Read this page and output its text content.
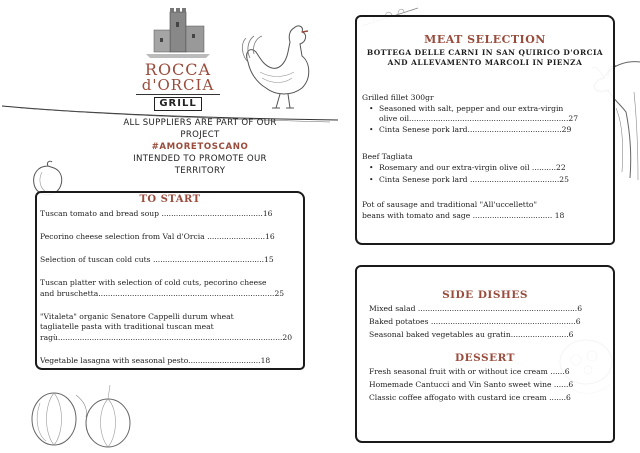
ROCCA
d'ORCIA
GRILL
ALL SUPPLIERS ARE PART OF OUR
PROJECT
#AMORETOSCANO
INTENDED TO PROMOTE OUR
TERRITORY
TO START
Tuscan tomato and bread soup ..........................................16
Pecorino cheese selection from Val d'Orcia ........................16
Selection of tuscan cold cuts ..............................................15
Tuscan platter with selection of cold cuts, pecorino cheese
and bruschetta.........................................................................25
"Vitaleta" organic Senatore Cappelli durum wheat
tagliatelle pasta with traditional tuscan meat
ragù.............................................................................................20
Vegetable lasagna with seasonal pesto..............................18
MEAT SELECTION
BOTTEGA DELLE CARNI IN SAN QUIRICO D'ORCIA
AND ALLEVAMENTO MARCOLI IN PIENZA
Grilled fillet 300gr
• Seasoned with salt, pepper and our extra-virgin
olive oil..................................................................27
• Cinta Senese pork lard.......................................29
Beef Tagliata
• Rosemary and our extra-virgin olive oil ..........22
• Cinta Senese pork lard .....................................25
Pot of sausage and traditional "All'uccelletto"
beans with tomato and sage ................................. 18
SIDE DISHES
Mixed salad ..................................................................6
Baked potatoes ............................................................6
Seasonal baked vegetables au gratin........................6
DESSERT
Fresh seasonal fruit with or without ice cream ......6
Homemade Cantucci and Vin Santo sweet wine ......6
Classic coffee affogato with custard ice cream .......6
